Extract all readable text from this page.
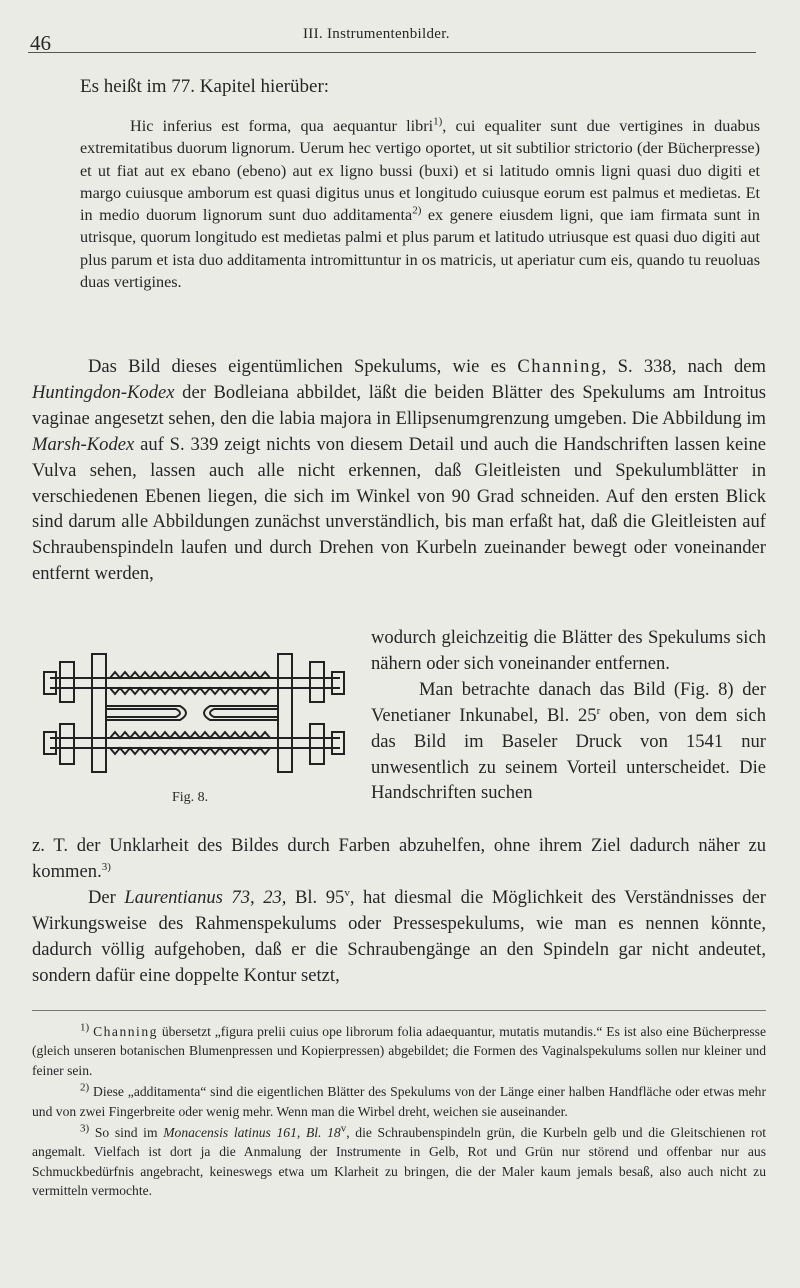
46	III. Instrumentenbilder.
Es heißt im 77. Kapitel hierüber:
Hic inferius est forma, qua aequantur libri$^{1)}$, cui equaliter sunt due vertigines in duabus extremitatibus duorum lignorum. Uerum hec vertigo oportet, ut sit subtilior strictorio (der Bücherpresse) et ut fiat aut ex ebano (ebeno) aut ex ligno bussi (buxi) et si latitudo omnis ligni quasi duo digiti et margo cuiusque amborum est quasi digitus unus et longitudo cuiusque eorum est palmus et medietas. Et in medio duorum lignorum sunt duo additamenta$^{2)}$ ex genere eiusdem ligni, que iam firmata sunt in utrisque, quorum longitudo est medietas palmi et plus parum et latitudo utriusque est quasi duo digiti aut plus parum et ista duo additamenta intromittuntur in os matricis, ut aperiatur cum eis, quando tu reuoluas duas vertigines.
Das Bild dieses eigentümlichen Spekulums, wie es Channing, S. 338, nach dem Huntingdon-Kodex der Bodleiana abbildet, läßt die beiden Blätter des Spekulums am Introitus vaginae angesetzt sehen, den die labia majora in Ellipsenumgrenzung umgeben. Die Abbildung im Marsh-Kodex auf S. 339 zeigt nichts von diesem Detail und auch die Handschriften lassen keine Vulva sehen, lassen auch alle nicht erkennen, daß Gleitleisten und Spekulumblätter in verschiedenen Ebenen liegen, die sich im Winkel von 90 Grad schneiden. Auf den ersten Blick sind darum alle Abbildungen zunächst unverständlich, bis man erfaßt hat, daß die Gleitleisten auf Schraubenspindeln laufen und durch Drehen von Kurbeln zueinander bewegt oder voneinander entfernt werden,
Fig. 8.
wodurch gleichzeitig die Blätter des Spekulums sich nähern oder sich voneinander entfernen.
Man betrachte danach das Bild (Fig. 8) der Venetianer Inkunabel, Bl. 25$^r$ oben, von dem sich das Bild im Baseler Druck von 1541 nur unwesentlich zu seinem Vorteil unterscheidet. Die Handschriften suchen
z. T. der Unklarheit des Bildes durch Farben abzuhelfen, ohne ihrem Ziel dadurch näher zu kommen.$^{3)}$
Der Laurentianus 73, 23, Bl. 95$^v$, hat diesmal die Möglichkeit des Verständnisses der Wirkungsweise des Rahmenspekulums oder Pressespekulums, wie man es nennen könnte, dadurch völlig aufgehoben, daß er die Schraubengänge an den Spindeln gar nicht andeutet, sondern dafür eine doppelte Kontur setzt,

$^{1)}$ Channing übersetzt „figura prelii cuius ope librorum folia adaequantur, mutatis mutandis.“ Es ist also eine Bücherpresse (gleich unseren botanischen Blumenpressen und Kopierpressen) abgebildet; die Formen des Vaginalspekulums sollen nur kleiner und feiner sein.

$^{2)}$ Diese „additamenta“ sind die eigentlichen Blätter des Spekulums von der Länge einer halben Handfläche oder etwas mehr und von zwei Fingerbreite oder wenig mehr. Wenn man die Wirbel dreht, weichen sie auseinander.

$^{3)}$ So sind im Monacensis latinus 161, Bl. 18$^v$, die Schraubenspindeln grün, die Kurbeln gelb und die Gleitschienen rot angemalt. Vielfach ist dort ja die Anmalung der Instrumente in Gelb, Rot und Grün nur störend und offenbar nur aus Schmuckbedürfnis angebracht, keineswegs etwa um Klarheit zu bringen, die der Maler kaum jemals besaß, also auch nicht zu vermitteln vermochte.
